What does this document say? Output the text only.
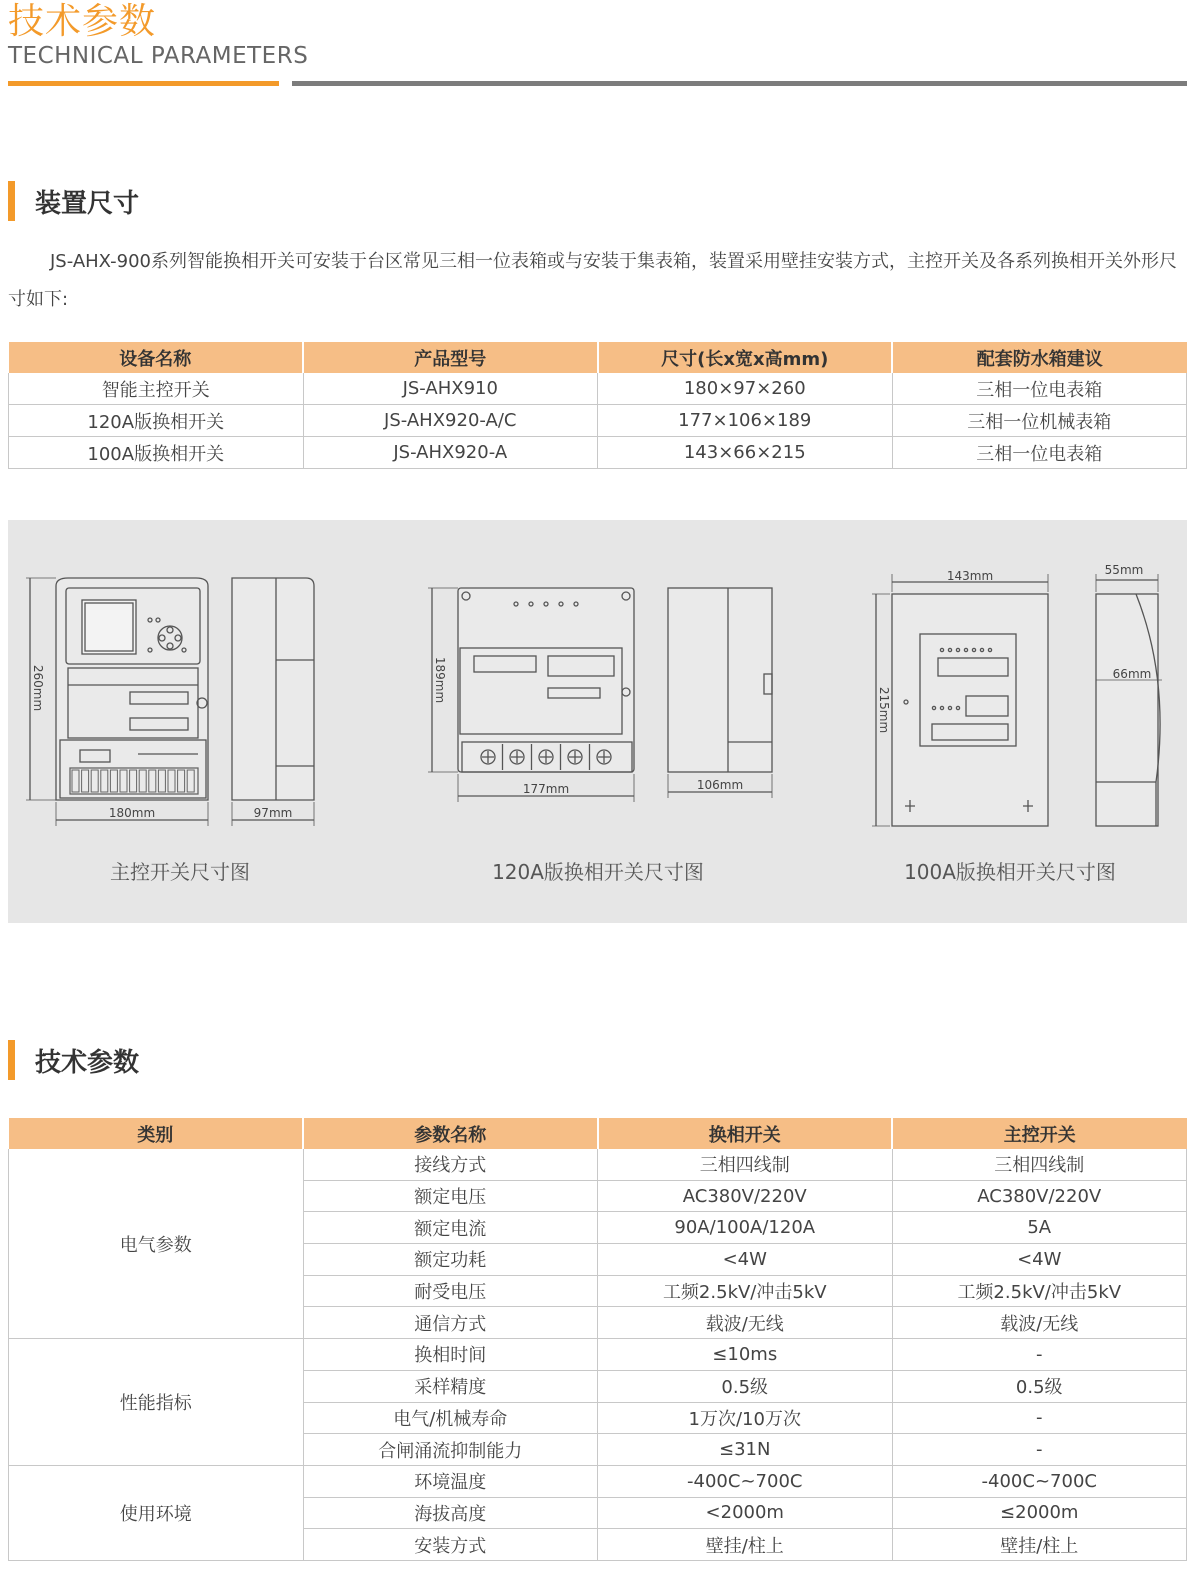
技术参数
TECHNICAL PARAMETERS
装置尺寸
JS-AHX-900系列智能换相开关可安装于台区常见三相一位表箱或与安装于集表箱，装置采用壁挂安装方式，主控开关及各系列换相开关外形尺寸如下:
设备名称	产品型号	尺寸(长x宽x高mm)	配套防水箱建议
智能主控开关	JS-AHX910	180×97×260	三相一位电表箱
120A版换相开关	JS-AHX920-A/C	177×106×189	三相一位机械表箱
100A版换相开关	JS-AHX920-A	143×66×215	三相一位电表箱
260mm
180mm	97mm
189mm
177mm	106mm
143mm
215mm
55mm
66mm
主控开关尺寸图	120A版换相开关尺寸图	100A版换相开关尺寸图
技术参数
类别	参数名称	换相开关	主控开关
电气参数	接线方式	三相四线制	三相四线制
	额定电压	AC380V/220V	AC380V/220V
	额定电流	90A/100A/120A	5A
	额定功耗	<4W	<4W
	耐受电压	工频2.5kV/冲击5kV	工频2.5kV/冲击5kV
	通信方式	载波/无线	载波/无线
性能指标	换相时间	≤10ms	-
	采样精度	0.5级	0.5级
	电气/机械寿命	1万次/10万次	-
	合闸涌流抑制能力	≤31N	-
使用环境	环境温度	-400C~700C	-400C~700C
	海拔高度	<2000m	≤2000m
	安装方式	壁挂/柱上	壁挂/柱上
